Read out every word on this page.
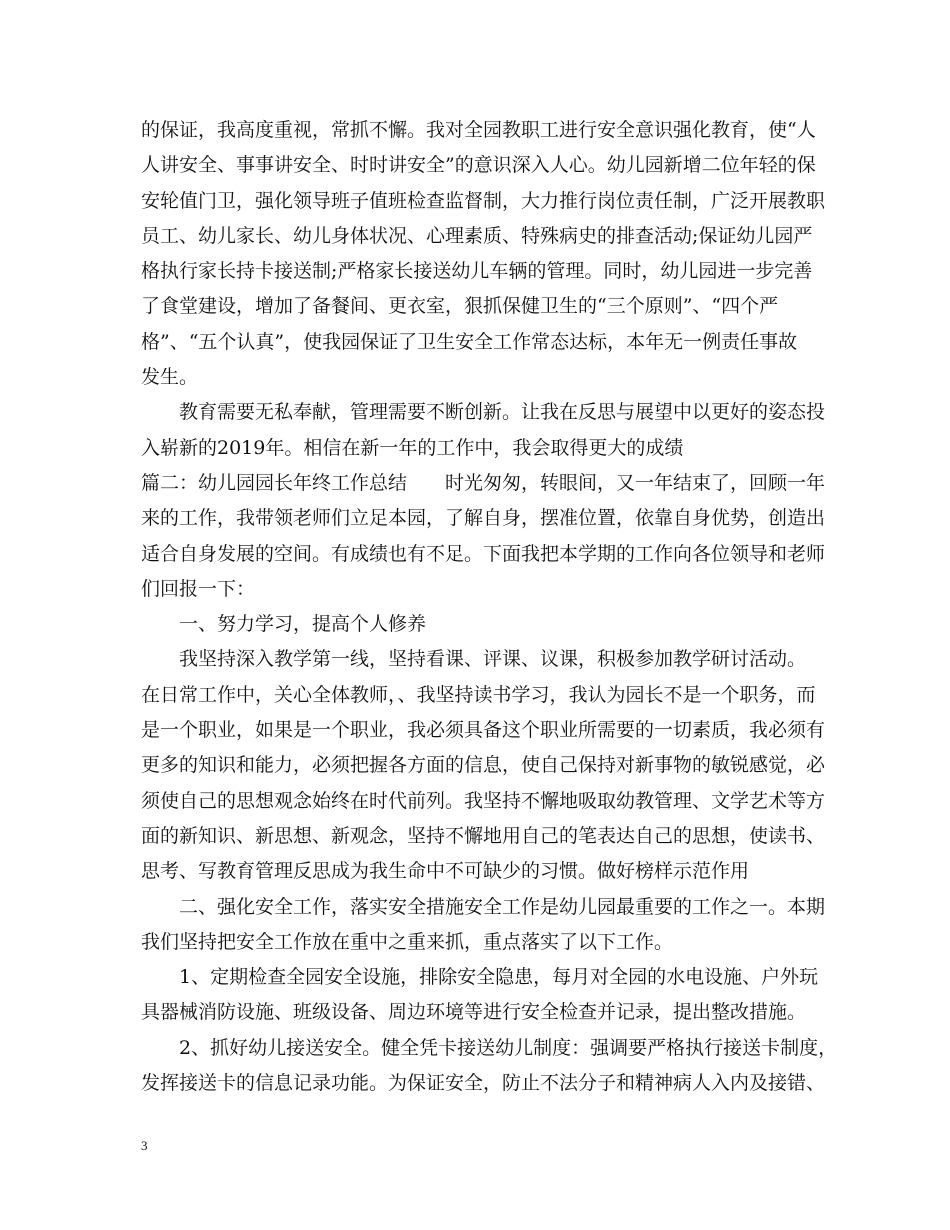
的保证，我高度重视，常抓不懈。我对全园教职工进行安全意识强化教育，使“人
人讲安全、事事讲安全、时时讲安全”的意识深入人心。幼儿园新增二位年轻的保
安轮值门卫，强化领导班子值班检查监督制，大力推行岗位责任制，广泛开展教职
员工、幼儿家长、幼儿身体状况、心理素质、特殊病史的排查活动;保证幼儿园严
格执行家长持卡接送制;严格家长接送幼儿车辆的管理。同时，幼儿园进一步完善
了食堂建设，增加了备餐间、更衣室，狠抓保健卫生的“三个原则”、“四个严
格”、“五个认真”，使我园保证了卫生安全工作常态达标，本年无一例责任事故
发生。

教育需要无私奉献，管理需要不断创新。让我在反思与展望中以更好的姿态投
入崭新的2019年。相信在新一年的工作中，我会取得更大的成绩

篇二：幼儿园园长年终工作总结　　时光匆匆，转眼间，又一年结束了，回顾一年
来的工作，我带领老师们立足本园，了解自身，摆准位置，依靠自身优势，创造出
适合自身发展的空间。有成绩也有不足。下面我把本学期的工作向各位领导和老师
们回报一下：

一、努力学习，提高个人修养

我坚持深入教学第一线，坚持看课、评课、议课，积极参加教学研讨活动。
在日常工作中，关心全体教师，、我坚持读书学习，我认为园长不是一个职务，而
是一个职业，如果是一个职业，我必须具备这个职业所需要的一切素质，我必须有
更多的知识和能力，必须把握各方面的信息，使自己保持对新事物的敏锐感觉，必
须使自己的思想观念始终在时代前列。我坚持不懈地吸取幼教管理、文学艺术等方
面的新知识、新思想、新观念，坚持不懈地用自己的笔表达自己的思想，使读书、
思考、写教育管理反思成为我生命中不可缺少的习惯。做好榜样示范作用

二、强化安全工作，落实安全措施安全工作是幼儿园最重要的工作之一。本期
我们坚持把安全工作放在重中之重来抓，重点落实了以下工作。

1、定期检查全园安全设施，排除安全隐患，每月对全园的水电设施、户外玩
具器械消防设施、班级设备、周边环境等进行安全检查并记录，提出整改措施。

2、抓好幼儿接送安全。健全凭卡接送幼儿制度：强调要严格执行接送卡制度，
发挥接送卡的信息记录功能。为保证安全，防止不法分子和精神病人入内及接错、

3
